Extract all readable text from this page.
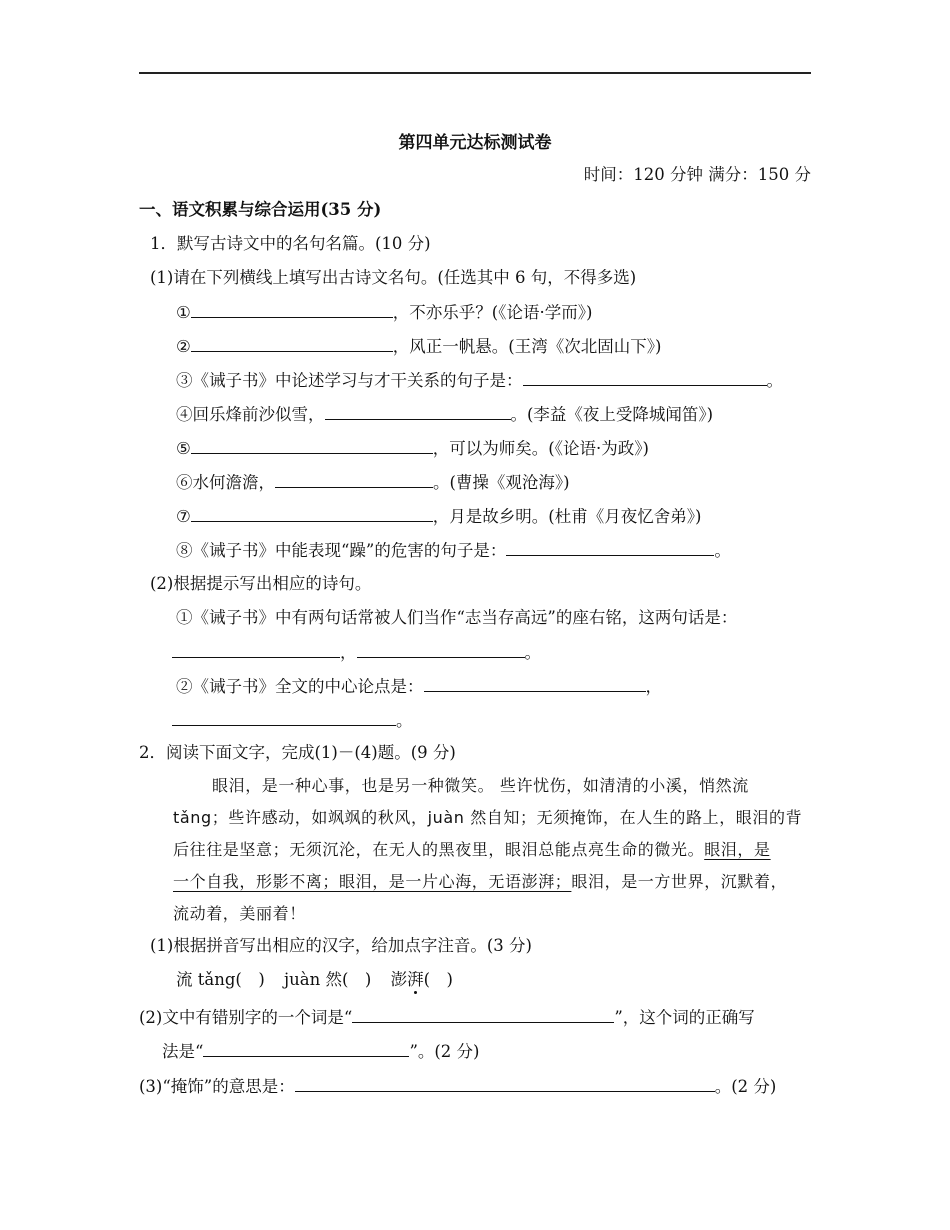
第四单元达标测试卷
时间：120 分钟 满分：150 分
一、语文积累与综合运用(35 分)
1．默写古诗文中的名句名篇。(10 分)
(1)请在下列横线上填写出古诗文名句。(任选其中 6 句，不得多选)
①	，不亦乐乎？(《论语·学而》)
②	，风正一帆悬。(王湾《次北固山下》)
③《诫子书》中论述学习与才干关系的句子是：	。
④回乐烽前沙似雪，	。(李益《夜上受降城闻笛》)
⑤	，可以为师矣。(《论语·为政》)
⑥水何澹澹，	。(曹操《观沧海》)
⑦	，月是故乡明。(杜甫《月夜忆舍弟》)
⑧《诫子书》中能表现“躁”的危害的句子是：	。
(2)根据提示写出相应的诗句。
①《诫子书》中有两句话常被人们当作“志当存高远”的座右铭，这两句话是：
，	。
②《诫子书》全文的中心论点是：	，
。
2．阅读下面文字，完成(1)－(4)题。(9 分)
眼泪，是一种心事，也是另一种微笑。 些许忧伤，如清清的小溪，悄然流
tǎng；些许感动，如飒飒的秋风，juàn 然自知；无须掩饰，在人生的路上，眼泪的背
后往往是坚意；无须沉沦，在无人的黑夜里，眼泪总能点亮生命的微光。眼泪，是
一个自我，形影不离；眼泪，是一片心海，无语澎湃；眼泪，是一方世界，沉默着，
流动着，美丽着！
(1)根据拼音写出相应的汉字，给加点字注音。(3 分)
流 tǎng(　) juàn 然(　) 澎湃(　)
(2)文中有错别字的一个词是“	”，这个词的正确写
法是“	”。(2 分)
(3)“掩饰”的意思是：	。(2 分)
